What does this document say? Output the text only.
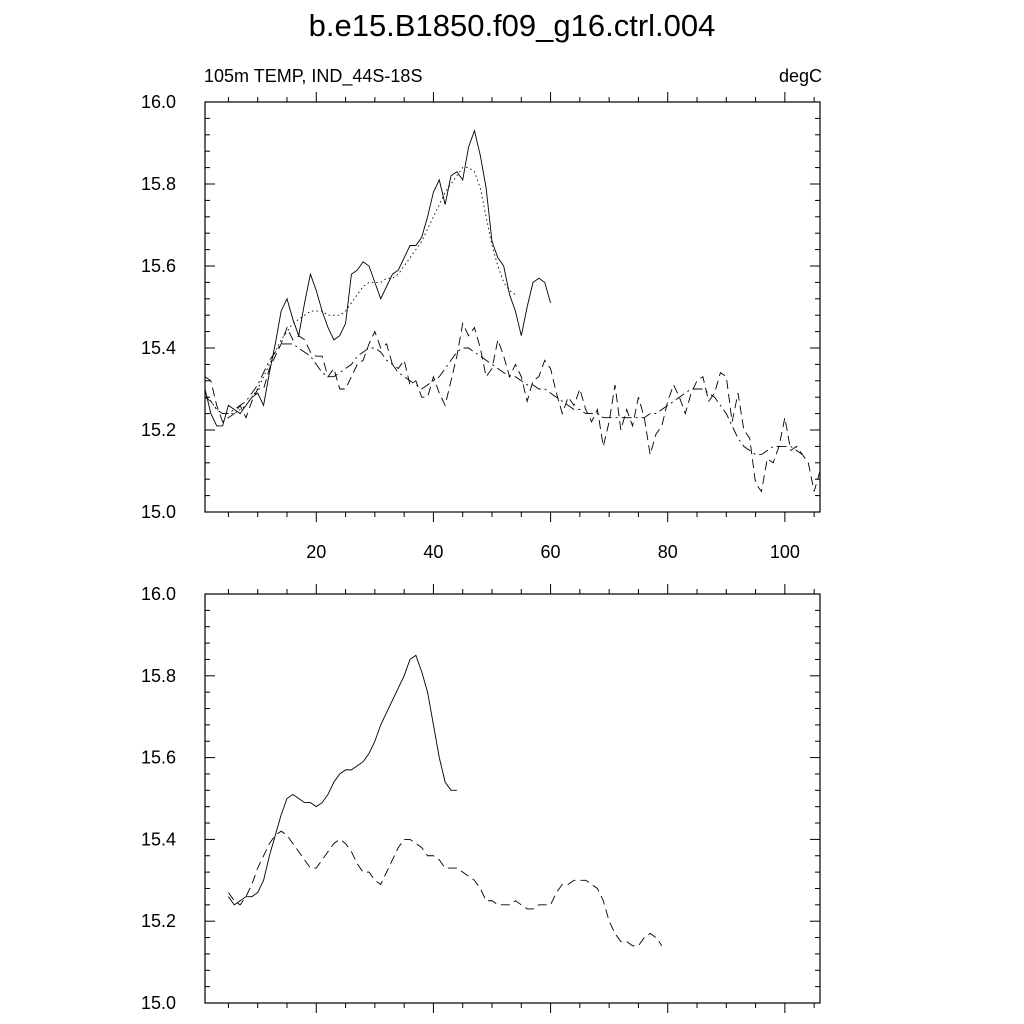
b.e15.B1850.f09_g16.ctrl.004
105m TEMP, IND_44S-18S	degC
15.0
15.2
15.4
15.6
15.8
16.0
20	40	60	80	100
15.0
15.2
15.4
15.6
15.8
16.0
